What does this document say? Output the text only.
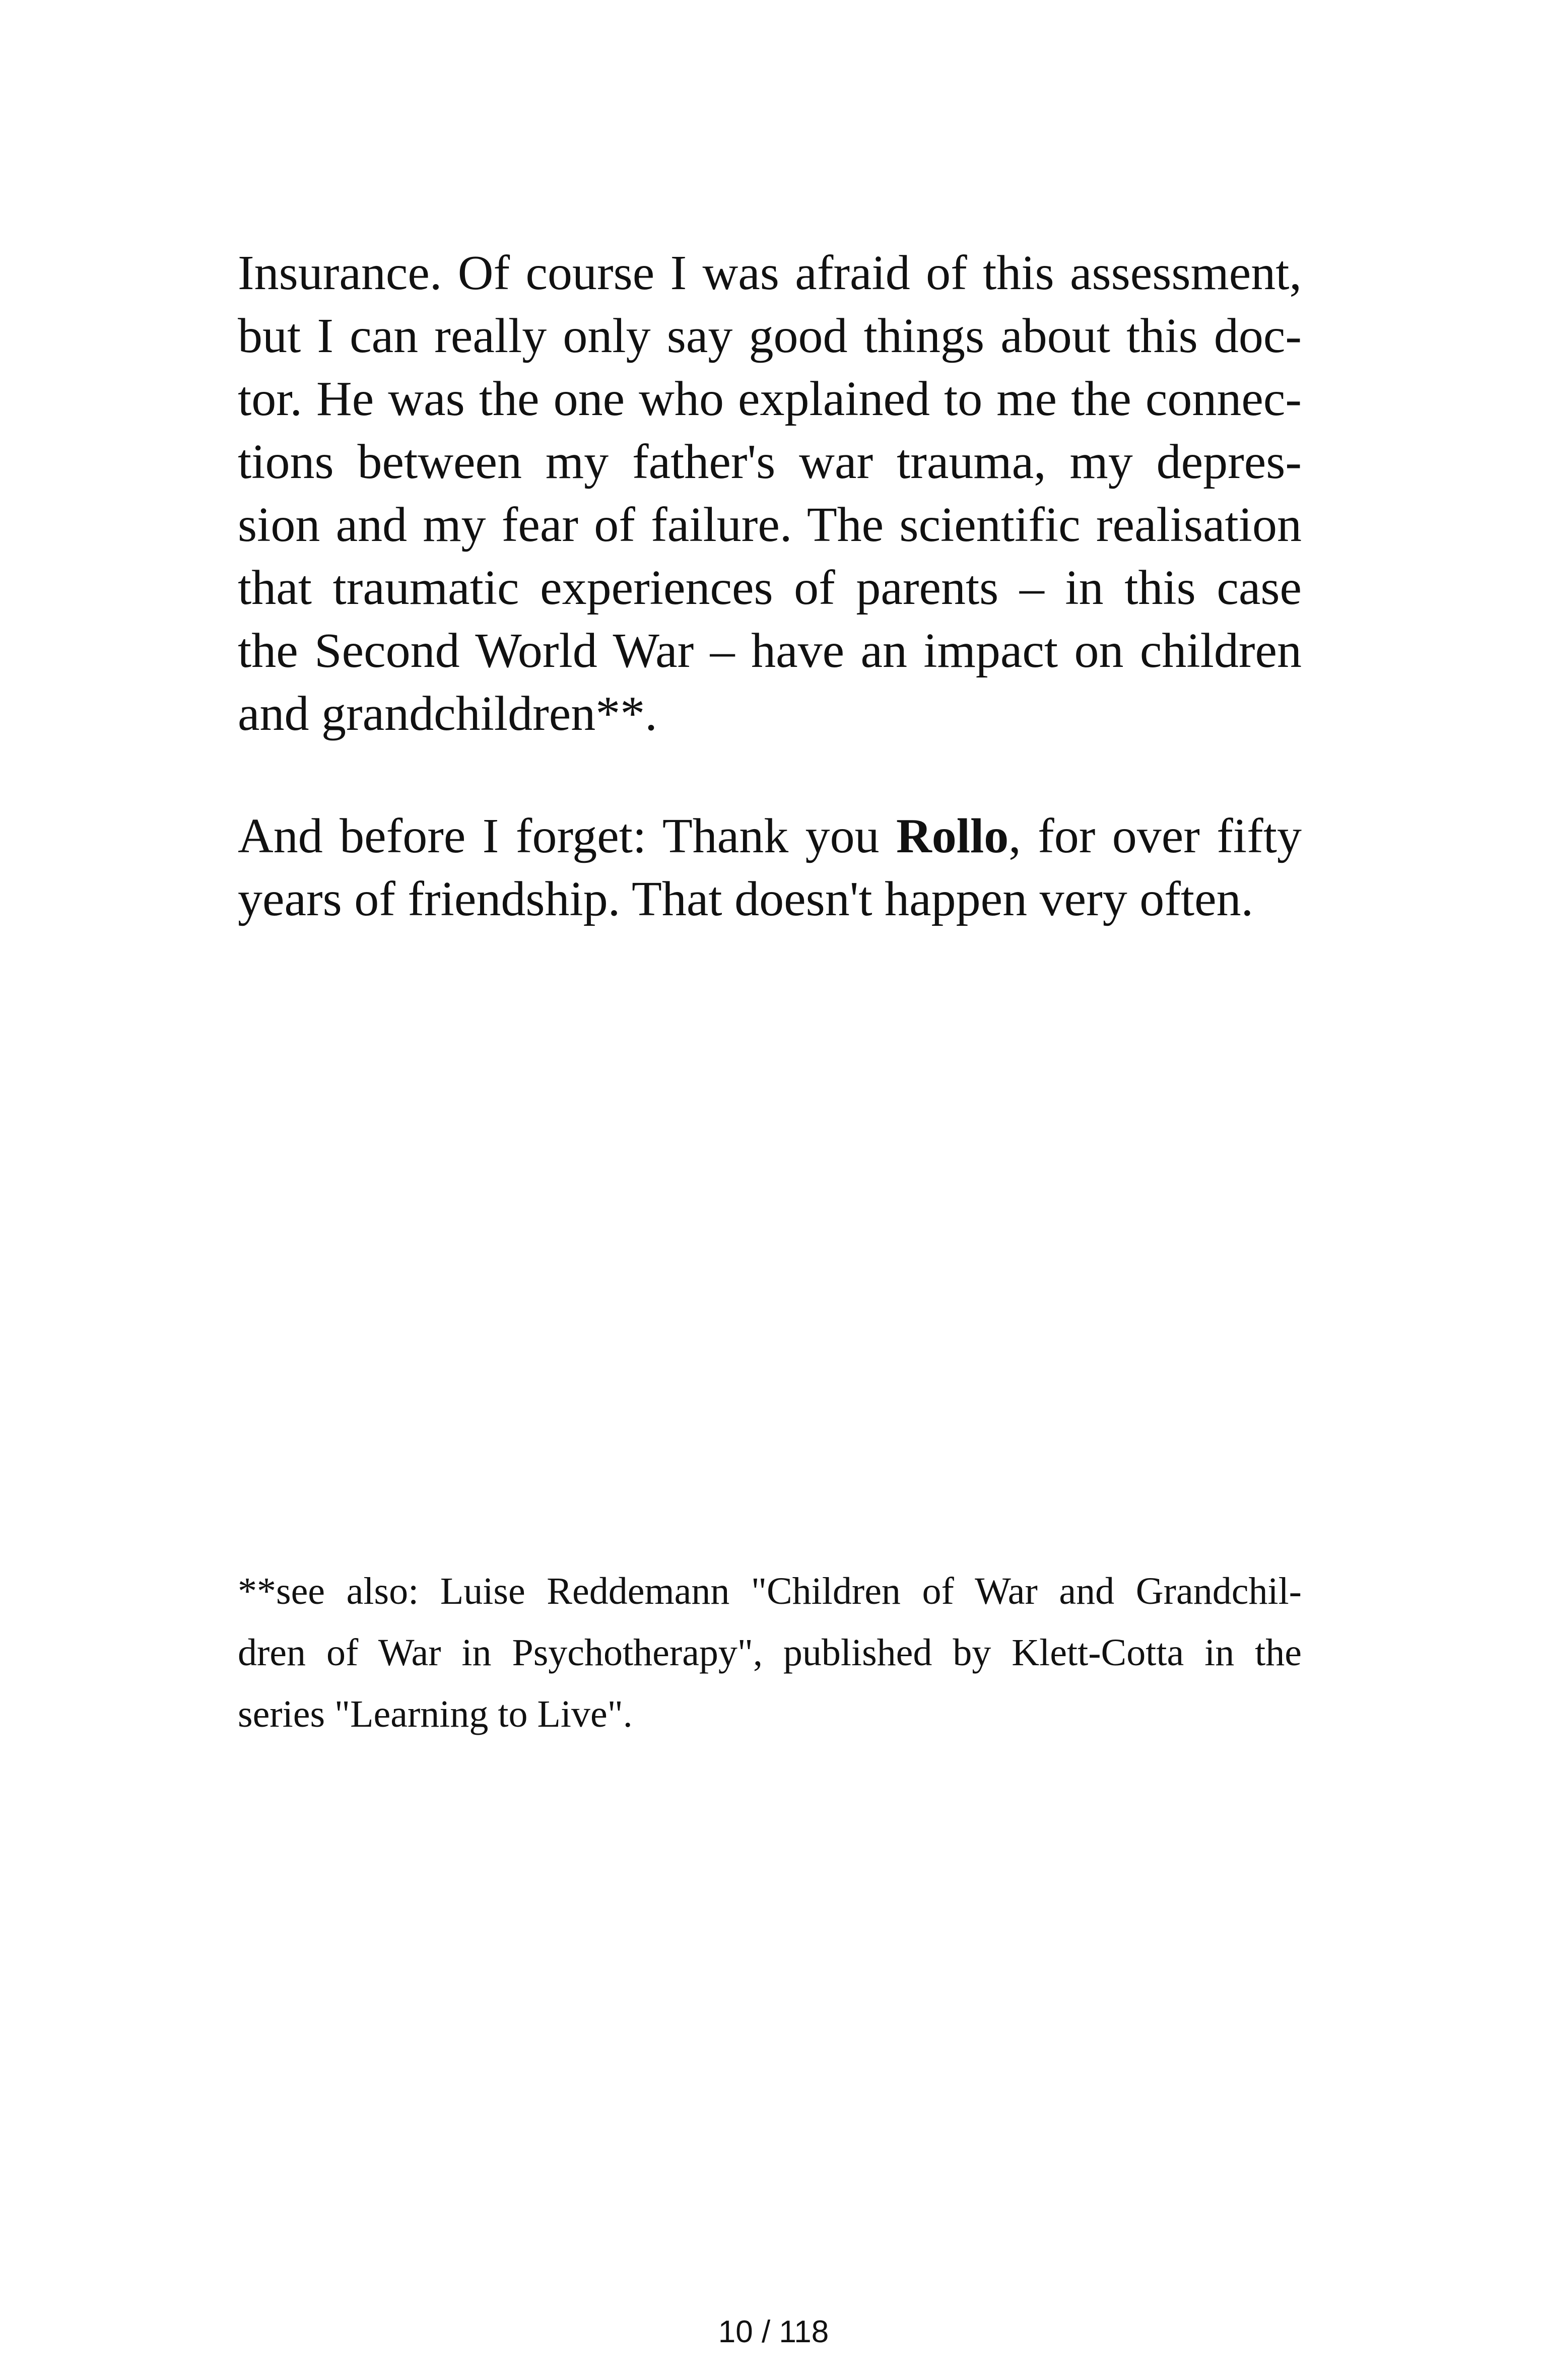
Insurance. Of course I was afraid of this assessment,
but I can really only say good things about this doc-
tor. He was the one who explained to me the connec-
tions between my father's war trauma, my depres-
sion and my fear of failure. The scientific realisation
that traumatic experiences of parents – in this case
the Second World War – have an impact on children
and grandchildren**.
And before I forget: Thank you Rollo, for over fifty
years of friendship. That doesn't happen very often.
**see also: Luise Reddemann "Children of War and Grandchil-
dren of War in Psychotherapy", published by Klett-Cotta in the
series "Learning to Live".
10 / 118
